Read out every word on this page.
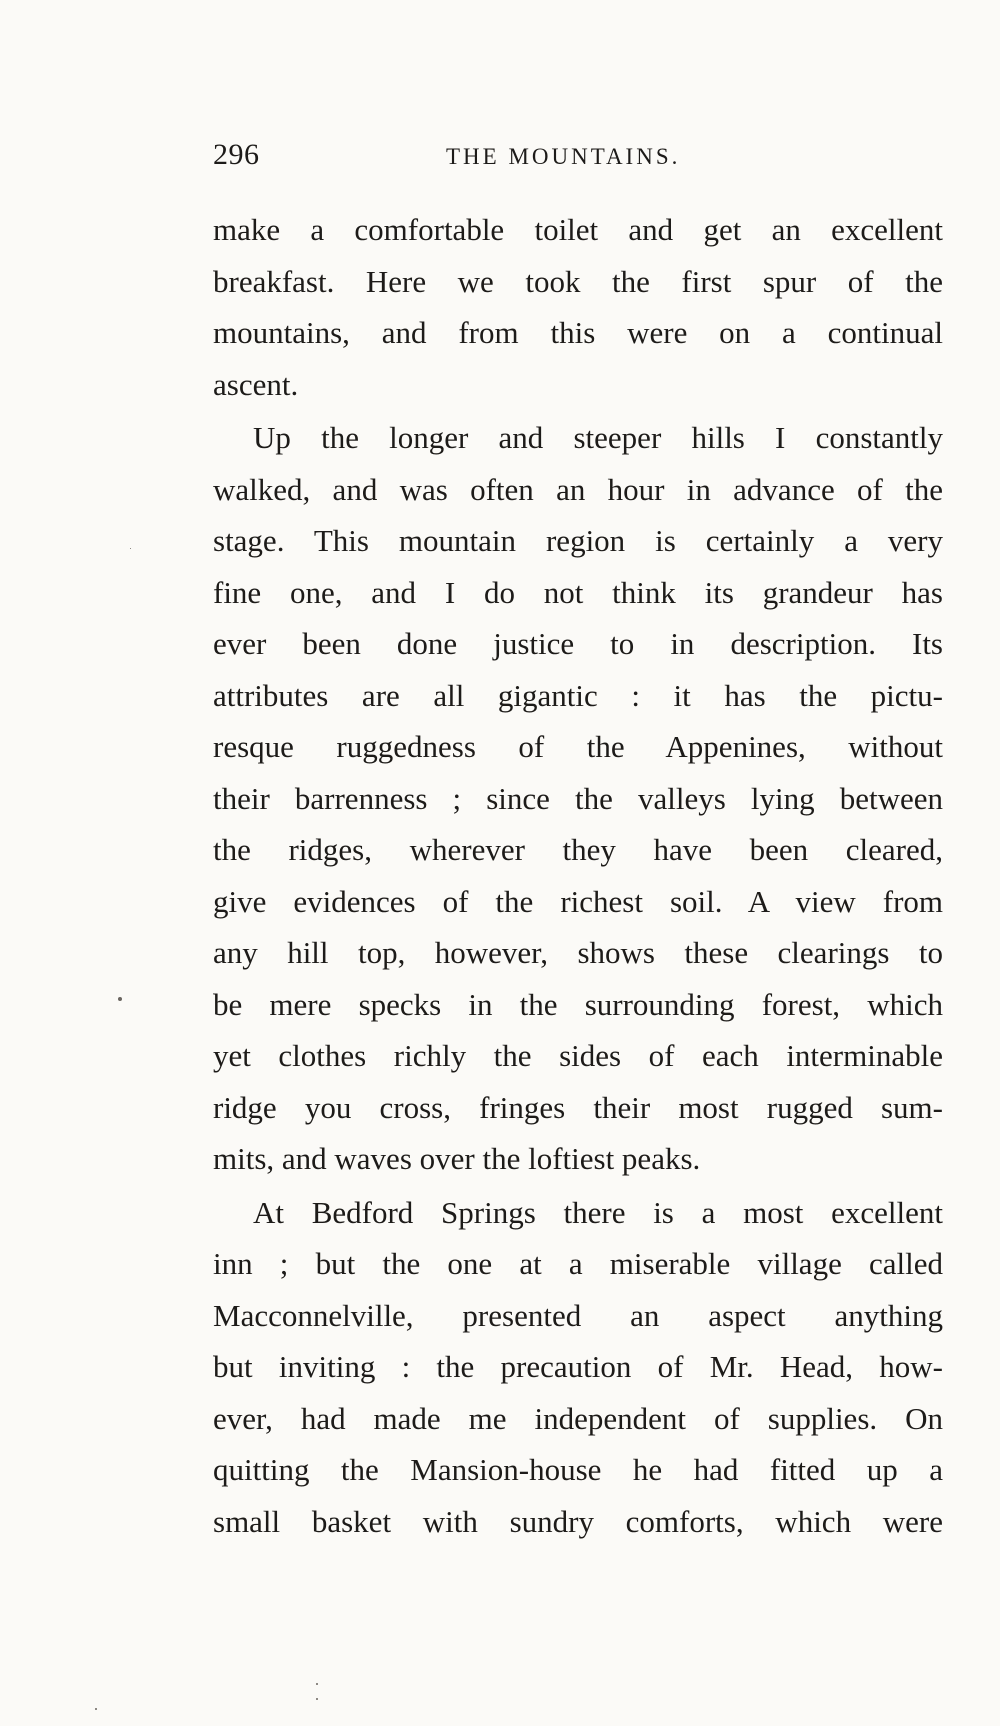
296	THE MOUNTAINS.
make a comfortable toilet and get an excellent
breakfast. Here we took the first spur of the
mountains, and from this were on a continual
ascent.
Up the longer and steeper hills I constantly
walked, and was often an hour in advance of the
stage. This mountain region is certainly a very
fine one, and I do not think its grandeur has
ever been done justice to in description. Its
attributes are all gigantic : it has the pictu-
resque ruggedness of the Appenines, without
their barrenness ; since the valleys lying between
the ridges, wherever they have been cleared,
give evidences of the richest soil. A view from
any hill top, however, shows these clearings to
be mere specks in the surrounding forest, which
yet clothes richly the sides of each interminable
ridge you cross, fringes their most rugged sum-
mits, and waves over the loftiest peaks.
At Bedford Springs there is a most excellent
inn ; but the one at a miserable village called
Macconnelville, presented an aspect anything
but inviting : the precaution of Mr. Head, how-
ever, had made me independent of supplies. On
quitting the Mansion-house he had fitted up a
small basket with sundry comforts, which were
